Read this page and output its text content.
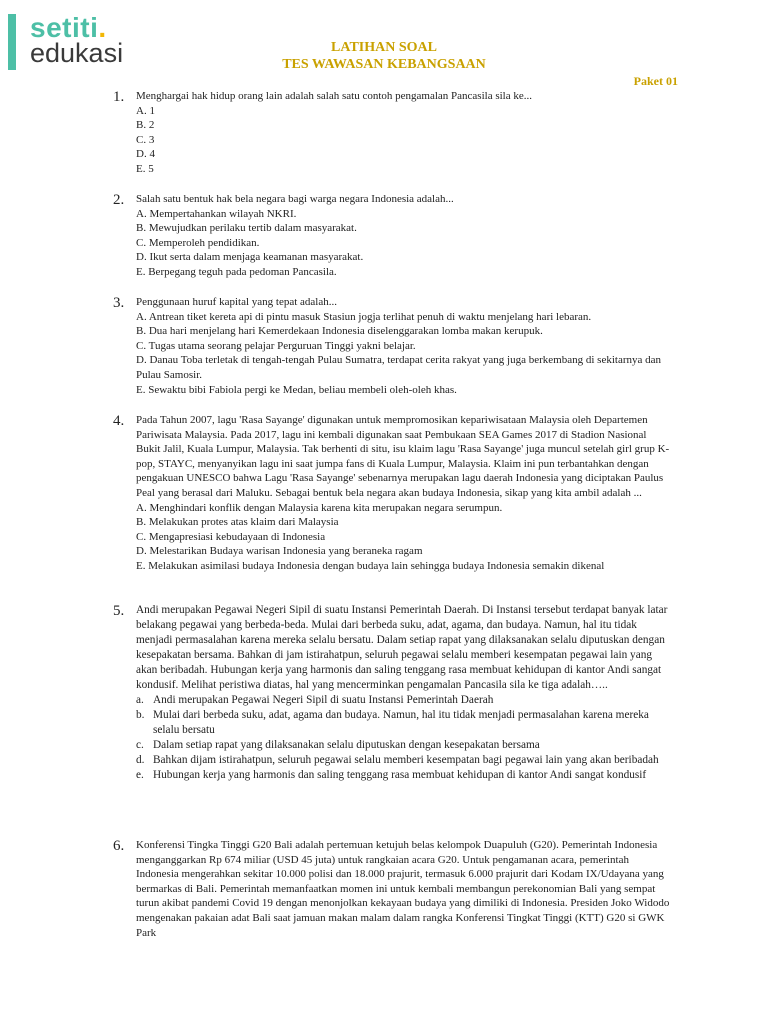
setiti.
edukasi	LATIHAN SOAL
TES WAWASAN KEBANGSAAN
Paket 01
1. Menghargai hak hidup orang lain adalah salah satu contoh pengamalan Pancasila sila ke...

A. 1

B. 2

C. 3

D. 4

E. 5

2. Salah satu bentuk hak bela negara bagi warga negara Indonesia adalah...

A. Mempertahankan wilayah NKRI.

B. Mewujudkan perilaku tertib dalam masyarakat.

C. Memperoleh pendidikan.

D. Ikut serta dalam menjaga keamanan masyarakat.

E. Berpegang teguh pada pedoman Pancasila.

3. Penggunaan huruf kapital yang tepat adalah...

A. Antrean tiket kereta api di pintu masuk Stasiun jogja terlihat penuh di waktu menjelang hari lebaran.

B. Dua hari menjelang hari Kemerdekaan Indonesia diselenggarakan lomba makan kerupuk.

C. Tugas utama seorang pelajar Perguruan Tinggi yakni belajar.

D. Danau Toba terletak di tengah-tengah Pulau Sumatra, terdapat cerita rakyat yang juga berkembang di sekitarnya dan Pulau Samosir.

E. Sewaktu bibi Fabiola pergi ke Medan, beliau membeli oleh-oleh khas.

4. Pada Tahun 2007, lagu 'Rasa Sayange' digunakan untuk mempromosikan kepariwisataan Malaysia oleh Departemen Pariwisata Malaysia. Pada 2017, lagu ini kembali digunakan saat Pembukaan SEA Games 2017 di Stadion Nasional Bukit Jalil, Kuala Lumpur, Malaysia. Tak berhenti di situ, isu klaim lagu 'Rasa Sayange' juga muncul setelah girl grup K-pop, STAYC, menyanyikan lagu ini saat jumpa fans di Kuala Lumpur, Malaysia. Klaim ini pun terbantahkan dengan pengakuan UNESCO bahwa Lagu 'Rasa Sayange' sebenarnya merupakan lagu daerah Indonesia yang diciptakan Paulus Peal yang berasal dari Maluku. Sebagai bentuk bela negara akan budaya Indonesia, sikap yang kita ambil adalah ...

A. Menghindari konflik dengan Malaysia karena kita merupakan negara serumpun.

B. Melakukan protes atas klaim dari Malaysia

C. Mengapresiasi kebudayaan di Indonesia

D. Melestarikan Budaya warisan Indonesia yang beraneka ragam

E. Melakukan asimilasi budaya Indonesia dengan budaya lain sehingga budaya Indonesia semakin dikenal

5. Andi merupakan Pegawai Negeri Sipil di suatu Instansi Pemerintah Daerah. Di Instansi tersebut terdapat banyak latar belakang pegawai yang berbeda-beda. Mulai dari berbeda suku, adat, agama, dan budaya. Namun, hal itu tidak menjadi permasalahan karena mereka selalu bersatu. Dalam setiap rapat yang dilaksanakan selalu diputuskan dengan kesepakatan bersama. Bahkan di jam istirahatpun, seluruh pegawai selalu memberi kesempatan pegawai lain yang akan beribadah. Hubungan kerja yang harmonis dan saling tenggang rasa membuat kehidupan di kantor Andi sangat kondusif. Melihat peristiwa diatas, hal yang mencerminkan pengamalan Pancasila sila ke tiga adalah…..

a. Andi merupakan Pegawai Negeri Sipil di suatu Instansi Pemerintah Daerah
b. Mulai dari berbeda suku, adat, agama dan budaya. Namun, hal itu tidak menjadi permasalahan karena mereka selalu bersatu
c. Dalam setiap rapat yang dilaksanakan selalu diputuskan dengan kesepakatan bersama
d. Bahkan dijam istirahatpun, seluruh pegawai selalu memberi kesempatan bagi pegawai lain yang akan beribadah
e. Hubungan kerja yang harmonis dan saling tenggang rasa membuat kehidupan di kantor Andi sangat kondusif
6. Konferensi Tingka Tinggi G20 Bali adalah pertemuan ketujuh belas kelompok Duapuluh (G20). Pemerintah Indonesia menganggarkan Rp 674 miliar (USD 45 juta) untuk rangkaian acara G20. Untuk pengamanan acara, pemerintah Indonesia mengerahkan sekitar 10.000 polisi dan 18.000 prajurit, termasuk 6.000 prajurit dari Kodam IX/Udayana yang bermarkas di Bali. Pemerintah memanfaatkan momen ini untuk kembali membangun perekonomian Bali yang sempat turun akibat pandemi Covid 19 dengan menonjolkan kekayaan budaya yang dimiliki di Indonesia. Presiden Joko Widodo mengenakan pakaian adat Bali saat jamuan makan malam dalam rangka Konferensi Tingkat Tinggi (KTT) G20 si GWK Park
